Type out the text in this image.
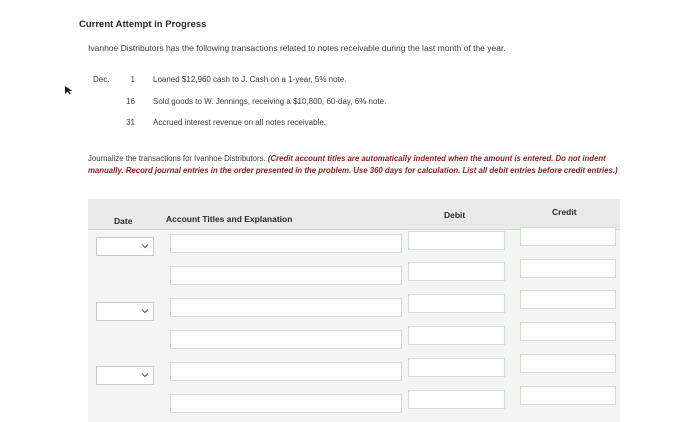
Current Attempt in Progress
Ivanhoe Distributors has the following transactions related to notes receivable during the last month of the year.
Dec.	1 Loaned $12,960 cash to J. Cash on a 1-year, 5% note.
16 Sold goods to W. Jennings, receiving a $10,800, 60-day, 6% note.
31 Accrued interest revenue on all notes receivable.
Journalize the transactions for Ivanhoe Distributors. (Credit account titles are automatically indented when the amount is entered. Do not indent manually. Record journal entries in the order presented in the problem. Use 360 days for calculation. List all debit entries before credit entries.)
Date	Account Titles and Explanation	Debit	Credit
